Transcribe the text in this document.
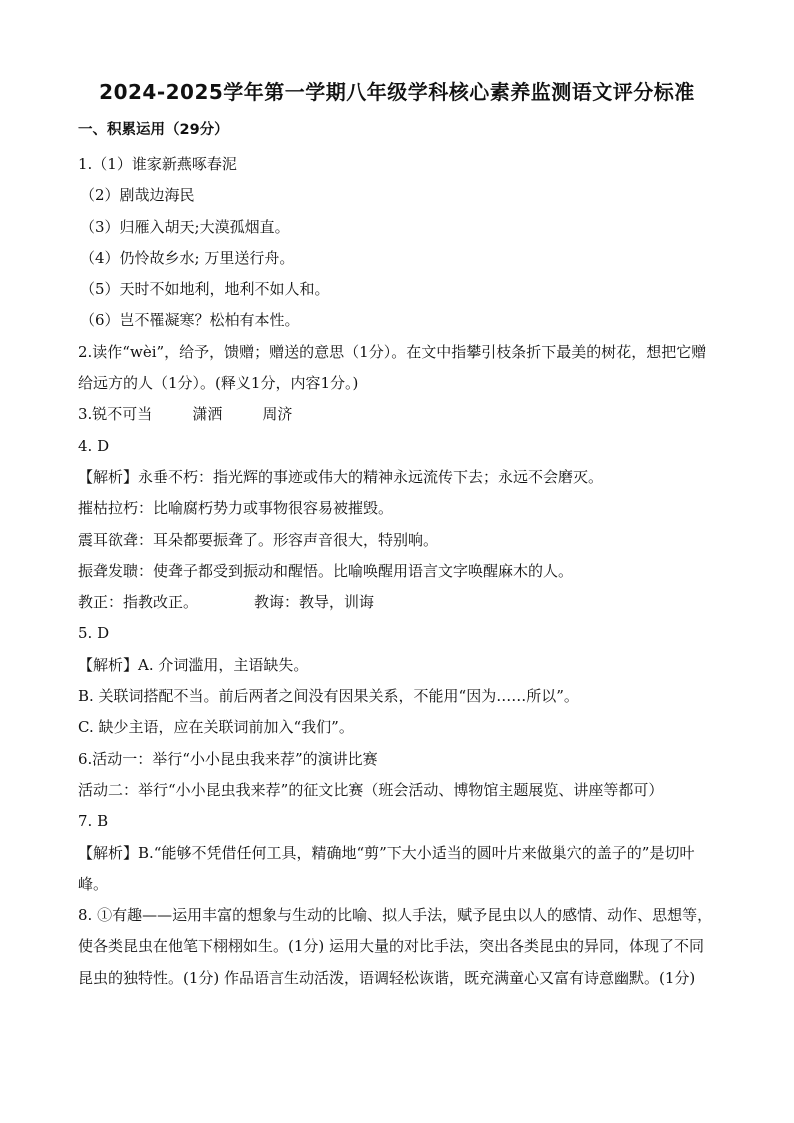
2024-2025学年第一学期八年级学科核心素养监测语文评分标准
一、积累运用（29分）
1.（1）谁家新燕啄春泥
（2）剧哉边海民
（3）归雁入胡天;大漠孤烟直。
（4）仍怜故乡水; 万里送行舟。
（5）天时不如地利，地利不如人和。
（6）岂不罹凝寒？松柏有本性。
2.读作“wèi”，给予，馈赠；赠送的意思（1分）。在文中指攀引枝条折下最美的树花，想把它赠给远方的人（1分）。(释义1分，内容1分。)
3.锐不可当	潇洒	周济
4. D
【解析】永垂不朽：指光辉的事迹或伟大的精神永远流传下去；永远不会磨灭。
摧枯拉朽：比喻腐朽势力或事物很容易被摧毁。
震耳欲聋：耳朵都要振聋了。形容声音很大，特别响。
振聋发聩：使聋子都受到振动和醒悟。比喻唤醒用语言文字唤醒麻木的人。
教正：指教改正。	教诲：教导，训诲
5. D
【解析】A. 介词滥用，主语缺失。
B. 关联词搭配不当。前后两者之间没有因果关系，不能用“因为……所以”。
C. 缺少主语，应在关联词前加入“我们”。
6.活动一：举行“小小昆虫我来荐”的演讲比赛
活动二：举行“小小昆虫我来荐”的征文比赛（班会活动、博物馆主题展览、讲座等都可）
7. B
【解析】B.“能够不凭借任何工具，精确地“剪”下大小适当的圆叶片来做巢穴的盖子的”是切叶峰。
8. ①有趣——运用丰富的想象与生动的比喻、拟人手法，赋予昆虫以人的感情、动作、思想等，使各类昆虫在他笔下栩栩如生。(1分) 运用大量的对比手法，突出各类昆虫的异同，体现了不同昆虫的独特性。(1分) 作品语言生动活泼，语调轻松诙谐，既充满童心又富有诗意幽默。(1分)
